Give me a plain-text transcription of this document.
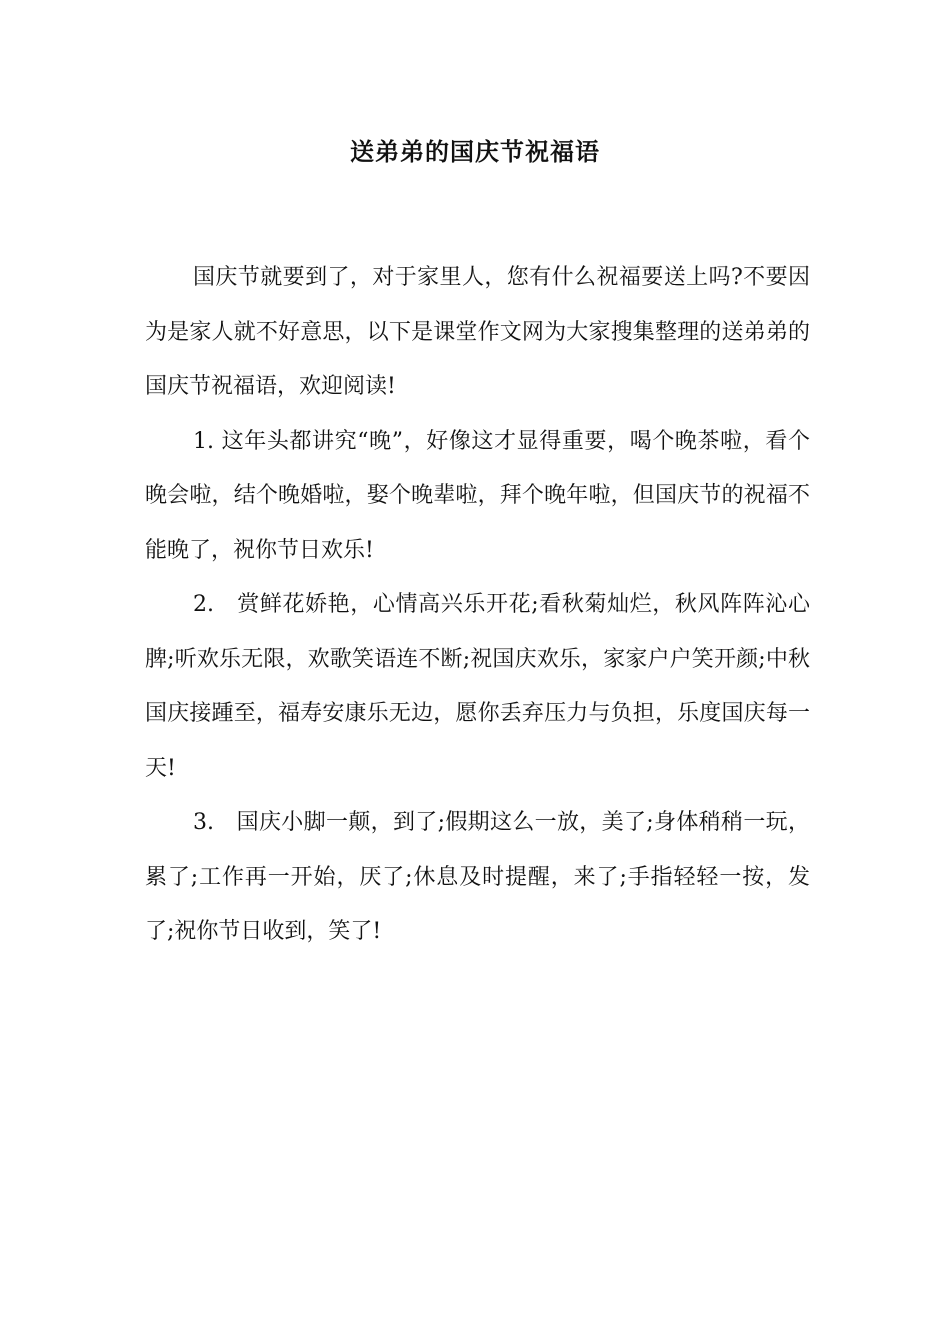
送弟弟的国庆节祝福语

国庆节就要到了，对于家里人，您有什么祝福要送上吗?不要因为是家人就不好意思，以下是课堂作文网为大家搜集整理的送弟弟的国庆节祝福语，欢迎阅读!

1. 这年头都讲究“晚”，好像这才显得重要，喝个晚茶啦，看个晚会啦，结个晚婚啦，娶个晚辈啦，拜个晚年啦，但国庆节的祝福不能晚了，祝你节日欢乐!

2.　赏鲜花娇艳，心情高兴乐开花;看秋菊灿烂，秋风阵阵沁心脾;听欢乐无限，欢歌笑语连不断;祝国庆欢乐，家家户户笑开颜;中秋国庆接踵至，福寿安康乐无边，愿你丢弃压力与负担，乐度国庆每一天!

3.　国庆小脚一颠，到了;假期这么一放，美了;身体稍稍一玩，累了;工作再一开始，厌了;休息及时提醒，来了;手指轻轻一按，发了;祝你节日收到，笑了!
